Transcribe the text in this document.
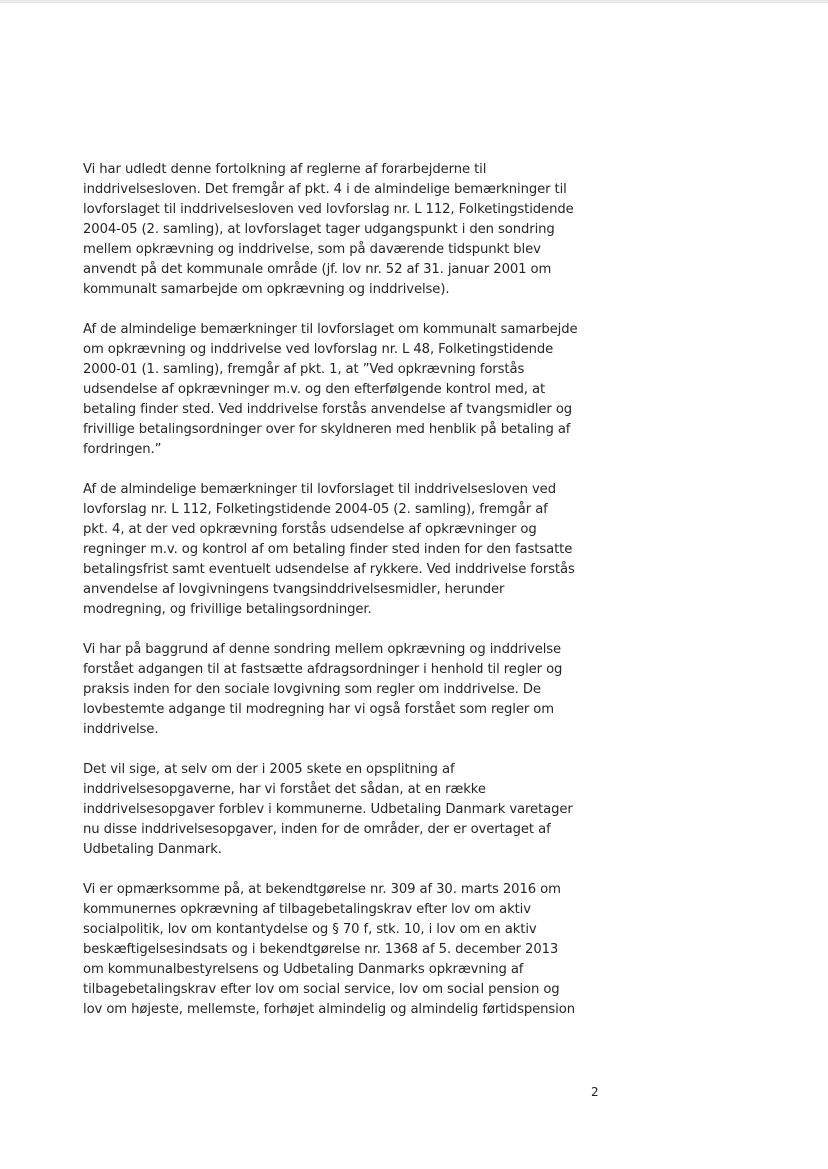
Vi har udledt denne fortolkning af reglerne af forarbejderne til
inddrivelsesloven. Det fremgår af pkt. 4 i de almindelige bemærkninger til
lovforslaget til inddrivelsesloven ved lovforslag nr. L 112, Folketingstidende
2004-05 (2. samling), at lovforslaget tager udgangspunkt i den sondring
mellem opkrævning og inddrivelse, som på daværende tidspunkt blev
anvendt på det kommunale område (jf. lov nr. 52 af 31. januar 2001 om
kommunalt samarbejde om opkrævning og inddrivelse).

Af de almindelige bemærkninger til lovforslaget om kommunalt samarbejde
om opkrævning og inddrivelse ved lovforslag nr. L 48, Folketingstidende
2000-01 (1. samling), fremgår af pkt. 1, at ”Ved opkrævning forstås
udsendelse af opkrævninger m.v. og den efterfølgende kontrol med, at
betaling finder sted. Ved inddrivelse forstås anvendelse af tvangsmidler og
frivillige betalingsordninger over for skyldneren med henblik på betaling af
fordringen.”

Af de almindelige bemærkninger til lovforslaget til inddrivelsesloven ved
lovforslag nr. L 112, Folketingstidende 2004-05 (2. samling), fremgår af
pkt. 4, at der ved opkrævning forstås udsendelse af opkrævninger og
regninger m.v. og kontrol af om betaling finder sted inden for den fastsatte
betalingsfrist samt eventuelt udsendelse af rykkere. Ved inddrivelse forstås
anvendelse af lovgivningens tvangsinddrivelsesmidler, herunder
modregning, og frivillige betalingsordninger.

Vi har på baggrund af denne sondring mellem opkrævning og inddrivelse
forstået adgangen til at fastsætte afdragsordninger i henhold til regler og
praksis inden for den sociale lovgivning som regler om inddrivelse. De
lovbestemte adgange til modregning har vi også forstået som regler om
inddrivelse.

Det vil sige, at selv om der i 2005 skete en opsplitning af
inddrivelsesopgaverne, har vi forstået det sådan, at en række
inddrivelsesopgaver forblev i kommunerne. Udbetaling Danmark varetager
nu disse inddrivelsesopgaver, inden for de områder, der er overtaget af
Udbetaling Danmark.

Vi er opmærksomme på, at bekendtgørelse nr. 309 af 30. marts 2016 om
kommunernes opkrævning af tilbagebetalingskrav efter lov om aktiv
socialpolitik, lov om kontantydelse og § 70 f, stk. 10, i lov om en aktiv
beskæftigelsesindsats og i bekendtgørelse nr. 1368 af 5. december 2013
om kommunalbestyrelsens og Udbetaling Danmarks opkrævning af
tilbagebetalingskrav efter lov om social service, lov om social pension og
lov om højeste, mellemste, forhøjet almindelig og almindelig førtidspension

2
